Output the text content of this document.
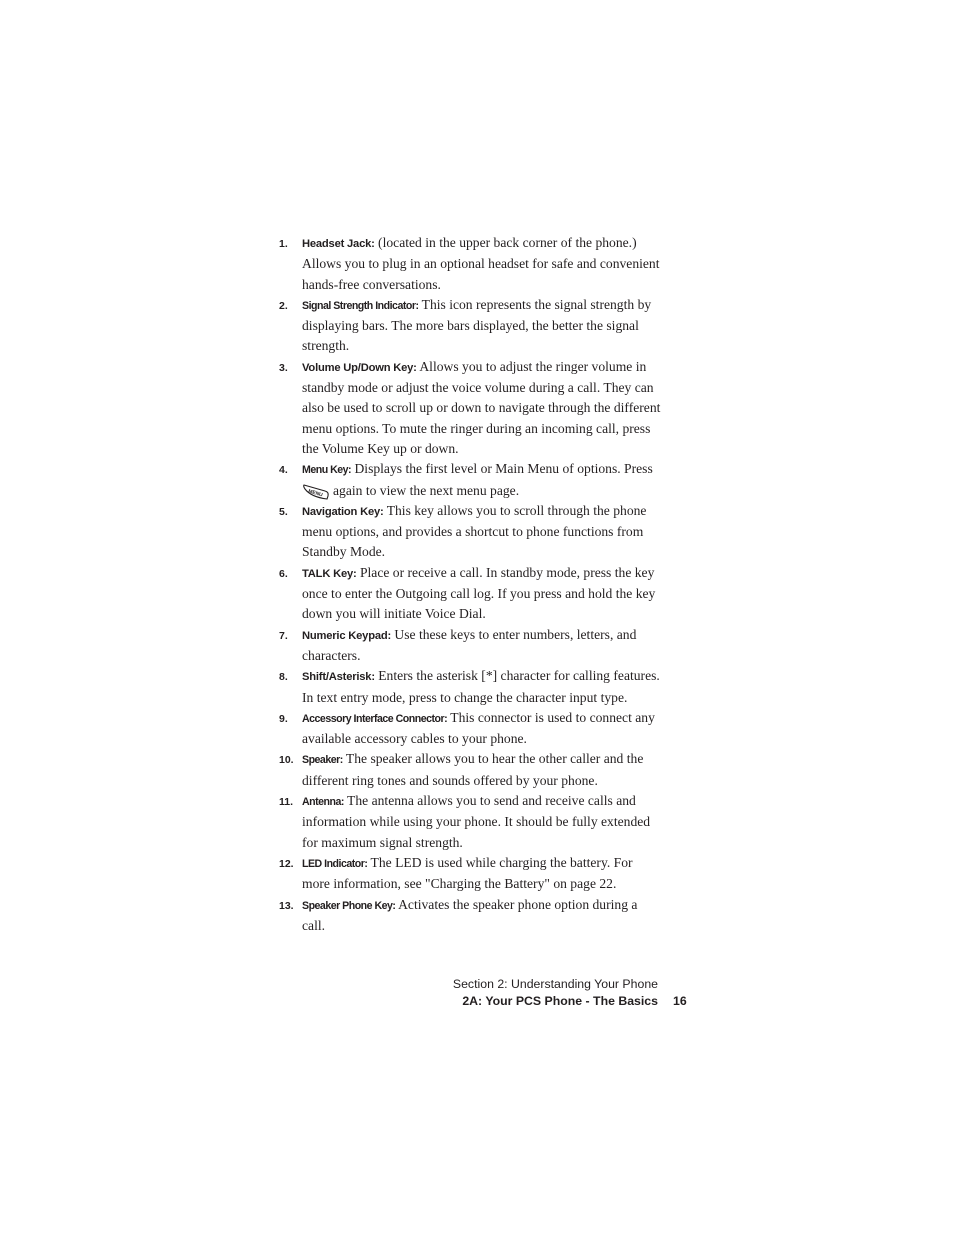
1. Headset Jack: (located in the upper back corner of the phone.) Allows you to plug in an optional headset for safe and convenient hands-free conversations.
2. Signal Strength Indicator: This icon represents the signal strength by displaying bars. The more bars displayed, the better the signal strength.
3. Volume Up/Down Key: Allows you to adjust the ringer volume in standby mode or adjust the voice volume during a call. They can also be used to scroll up or down to navigate through the different menu options. To mute the ringer during an incoming call, press the Volume Key up or down.
4. Menu Key: Displays the first level or Main Menu of options. Press

MENU again to view the next menu page.
5. Navigation Key: This key allows you to scroll through the phone menu options, and provides a shortcut to phone functions from Standby Mode.
6. TALK Key: Place or receive a call. In standby mode, press the key once to enter the Outgoing call log. If you press and hold the key down you will initiate Voice Dial.
7. Numeric Keypad: Use these keys to enter numbers, letters, and characters.
8. Shift/Asterisk: Enters the asterisk [*] character for calling features. In text entry mode, press to change the character input type.
9. Accessory Interface Connector: This connector is used to connect any available accessory cables to your phone.
10. Speaker: The speaker allows you to hear the other caller and the different ring tones and sounds offered by your phone.
11. Antenna: The antenna allows you to send and receive calls and information while using your phone. It should be fully extended for maximum signal strength.
12. LED Indicator: The LED is used while charging the battery. For more information, see "Charging the Battery" on page 22.
13. Speaker Phone Key: Activates the speaker phone option during a call.
Section 2: Understanding Your Phone
2A: Your PCS Phone - The Basics 16
